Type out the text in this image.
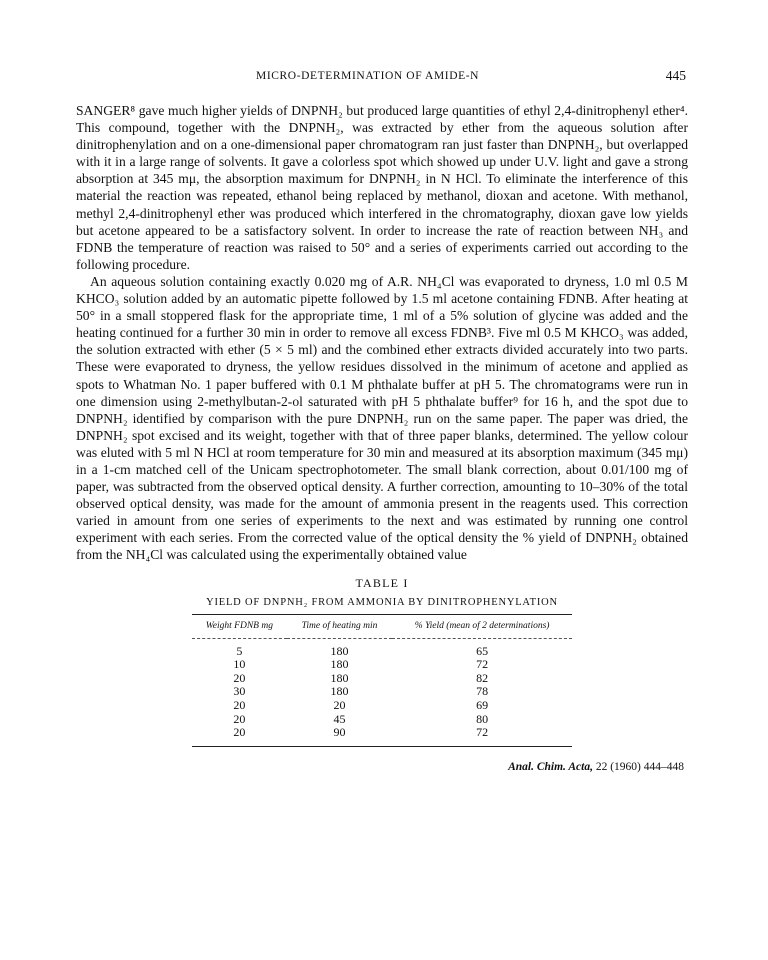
MICRO-DETERMINATION OF AMIDE-N	445

SANGER⁸ gave much higher yields of DNPNH₂ but produced large quantities of ethyl 2,4-dinitrophenyl ether⁴. This compound, together with the DNPNH₂, was extracted by ether from the aqueous solution after dinitrophenylation and on a one-dimensional paper chromatogram ran just faster than DNPNH₂, but overlapped with it in a large range of solvents. It gave a colorless spot which showed up under U.V. light and gave a strong absorption at 345 mμ, the absorption maximum for DNPNH₂ in N HCl. To eliminate the interference of this material the reaction was repeated, ethanol being replaced by methanol, dioxan and acetone. With methanol, methyl 2,4-dinitrophenyl ether was produced which interfered in the chromatography, dioxan gave low yields but acetone appeared to be a satisfactory solvent. In order to increase the rate of reaction between NH₃ and FDNB the temperature of reaction was raised to 50° and a series of experiments carried out according to the following procedure.

An aqueous solution containing exactly 0.020 mg of A.R. NH₄Cl was evaporated to dryness, 1.0 ml 0.5 M KHCO₃ solution added by an automatic pipette followed by 1.5 ml acetone containing FDNB. After heating at 50° in a small stoppered flask for the appropriate time, 1 ml of a 5% solution of glycine was added and the heating continued for a further 30 min in order to remove all excess FDNB³. Five ml 0.5 M KHCO₃ was added, the solution extracted with ether (5 × 5 ml) and the combined ether extracts divided accurately into two parts. These were evaporated to dryness, the yellow residues dissolved in the minimum of acetone and applied as spots to Whatman No. 1 paper buffered with 0.1 M phthalate buffer at pH 5. The chromatograms were run in one dimension using 2-methylbutan-2-ol saturated with pH 5 phthalate buffer⁹ for 16 h, and the spot due to DNPNH₂ identified by comparison with the pure DNPNH₂ run on the same paper. The paper was dried, the DNPNH₂ spot excised and its weight, together with that of three paper blanks, determined. The yellow colour was eluted with 5 ml N HCl at room temperature for 30 min and measured at its absorption maximum (345 mμ) in a 1-cm matched cell of the Unicam spectrophotometer. The small blank correction, about 0.01/100 mg of paper, was subtracted from the observed optical density. A further correction, amounting to 10–30% of the total observed optical density, was made for the amount of ammonia present in the reagents used. This correction varied in amount from one series of experiments to the next and was estimated by running one control experiment with each series. From the corrected value of the optical density the % yield of DNPNH₂ obtained from the NH₄Cl was calculated using the experimentally obtained value

TABLE I
YIELD OF DNPNH₂ FROM AMMONIA BY DINITROPHENYLATION
Weight FDNB mg	Time of heating min	% Yield (mean of 2 determinations)
5	180	65
10	180	72
20	180	82
30	180	78
20	20	69
20	45	80
20	90	72
Anal. Chim. Acta, 22 (1960) 444–448
